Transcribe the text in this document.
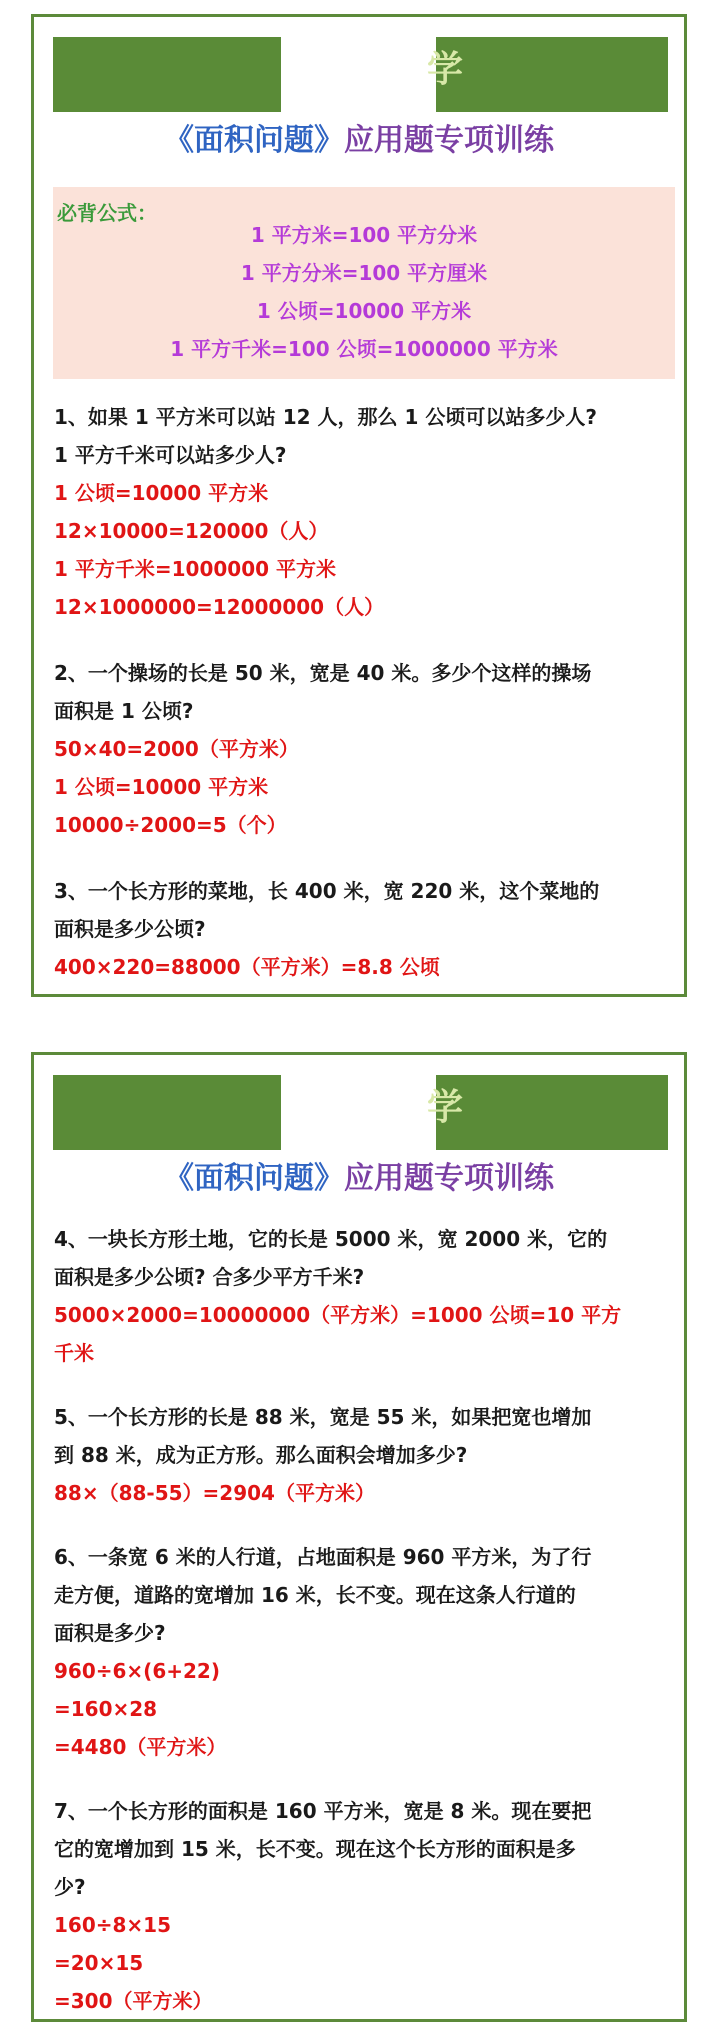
学
《面积问题》应用题专项训练
必背公式：
1 平方米=100 平方分米
1 平方分米=100 平方厘米
1 公顷=10000 平方米
1 平方千米=100 公顷=1000000 平方米
1、如果 1 平方米可以站 12 人，那么 1 公顷可以站多少人?
1 平方千米可以站多少人?
1 公顷=10000 平方米
12×10000=120000（人）
1 平方千米=1000000 平方米
12×1000000=12000000（人）
2、一个操场的长是 50 米，宽是 40 米。多少个这样的操场
面积是 1 公顷?
50×40=2000（平方米）
1 公顷=10000 平方米
10000÷2000=5（个）
3、一个长方形的菜地，长 400 米，宽 220 米，这个菜地的
面积是多少公顷?
400×220=88000（平方米）=8.8 公顷
学
《面积问题》应用题专项训练
4、一块长方形土地，它的长是 5000 米，宽 2000 米，它的
面积是多少公顷? 合多少平方千米?
5000×2000=10000000（平方米）=1000 公顷=10 平方
千米
5、一个长方形的长是 88 米，宽是 55 米，如果把宽也增加
到 88 米，成为正方形。那么面积会增加多少?
88×（88-55）=2904（平方米）
6、一条宽 6 米的人行道，占地面积是 960 平方米，为了行
走方便，道路的宽增加 16 米，长不变。现在这条人行道的
面积是多少?
960÷6×(6+22)
=160×28
=4480（平方米）
7、一个长方形的面积是 160 平方米，宽是 8 米。现在要把
它的宽增加到 15 米，长不变。现在这个长方形的面积是多
少?
160÷8×15
=20×15
=300（平方米）
